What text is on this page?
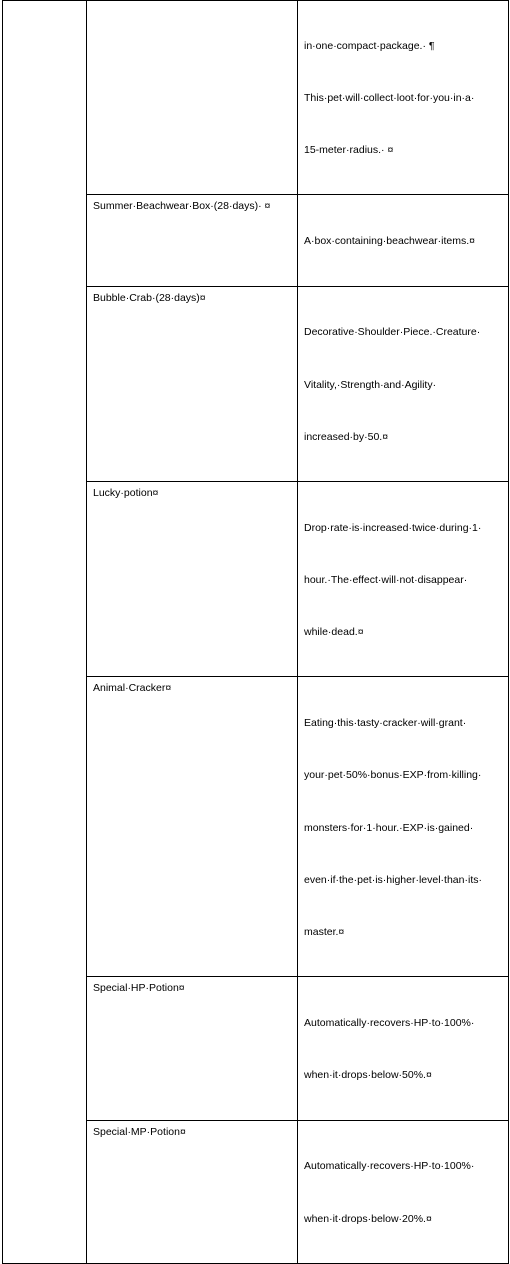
		in·one·compact·package.· ¶

This·pet·will·collect·loot·for·you·in·a·

15-meter·radius.· ¤

	Summer·Beachwear·Box·(28·days)· ¤	A·box·containing·beachwear·items.¤

	Bubble·Crab·(28·days)¤	Decorative·Shoulder·Piece.·Creature·

Vitality,·Strength·and·Agility·

increased·by·50.¤

	Lucky·potion¤	Drop·rate·is·increased·twice·during·1·

hour.·The·effect·will·not·disappear·

while·dead.¤

	Animal·Cracker¤	Eating·this·tasty·cracker·will·grant·

your·pet·50%·bonus·EXP·from·killing·

monsters·for·1·hour.·EXP·is·gained·

even·if·the·pet·is·higher·level·than·its·

master.¤

	Special·HP·Potion¤	Automatically·recovers·HP·to·100%·

when·it·drops·below·50%.¤

	Special·MP·Potion¤	Automatically·recovers·HP·to·100%·

when·it·drops·below·20%.¤
